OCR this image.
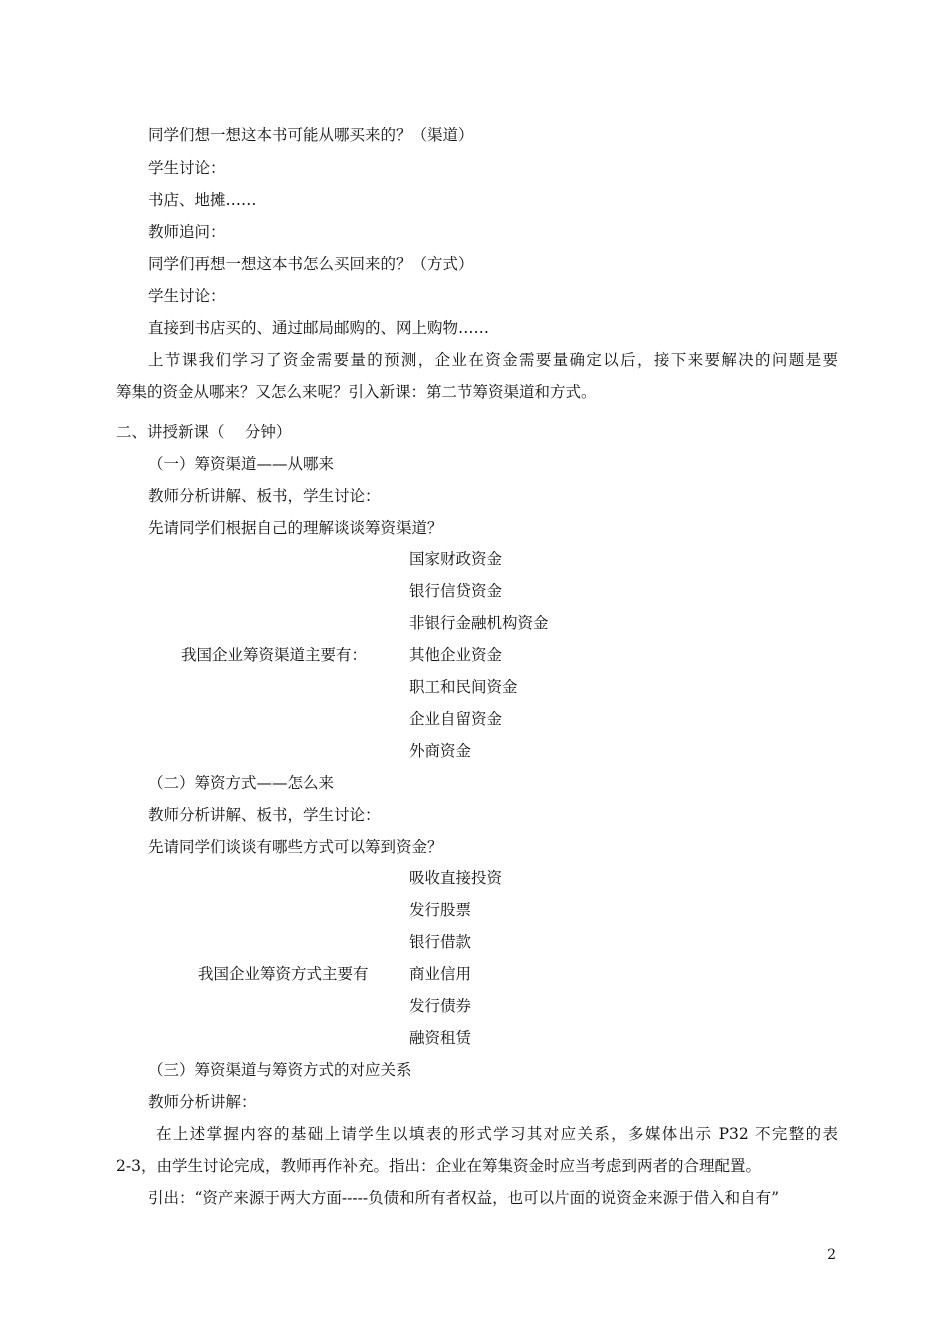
同学们想一想这本书可能从哪买来的？（渠道）
学生讨论：
书店、地摊……
教师追问：
同学们再想一想这本书怎么买回来的？（方式）
学生讨论：
直接到书店买的、通过邮局邮购的、网上购物……
上节课我们学习了资金需要量的预测，企业在资金需要量确定以后，接下来要解决的问题是要
筹集的资金从哪来？又怎么来呢？引入新课：第二节筹资渠道和方式。
二、讲授新课（　 分钟）
（一）筹资渠道——从哪来
教师分析讲解、板书，学生讨论：
先请同学们根据自己的理解谈谈筹资渠道？
我国企业筹资渠道主要有：
国家财政资金
银行信贷资金
非银行金融机构资金
其他企业资金
职工和民间资金
企业自留资金
外商资金
（二）筹资方式——怎么来
教师分析讲解、板书，学生讨论：
先请同学们谈谈有哪些方式可以筹到资金？
我国企业筹资方式主要有
吸收直接投资
发行股票
银行借款
商业信用
发行债券
融资租赁
（三）筹资渠道与筹资方式的对应关系
教师分析讲解：
在上述掌握内容的基础上请学生以填表的形式学习其对应关系，多媒体出示 P32 不完整的表
2-3，由学生讨论完成，教师再作补充。指出：企业在筹集资金时应当考虑到两者的合理配置。
引出：“资产来源于两大方面-----负债和所有者权益，也可以片面的说资金来源于借入和自有”
2
